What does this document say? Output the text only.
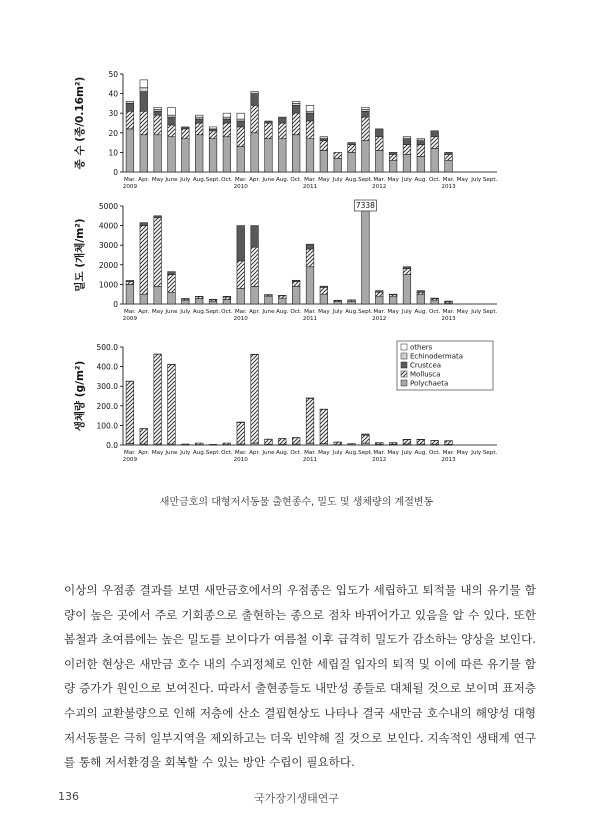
0
10
20
30
40
50
종 수 (종/0.16m²)
Mar. Apr. May June July Aug. Sept. Oct. Mar. Apr. June Aug. Oct. Mar. May July Aug. Sept. Mar. May July Aug. Oct. Mar. May July Sept.
2009	2010	2011	2012	2013
0
1000
2000
3000
4000
5000
밀도 (개체/m²)
Mar. Apr. May June July Aug. Sept. Oct. Mar. Apr. June Aug. Oct. Mar. May July Aug. Sept. Mar. May July Aug. Oct. Mar. May July Sept.
2009	2010	2011	2012	2013
7338
0.0
100.0
200.0
300.0
400.0
500.0
생체량 (g/m²)
Mar. Apr. May June July Aug. Sept. Oct. Mar. Apr. June Aug. Oct. Mar. May July Aug. Sept. Mar. May July Aug. Oct. Mar. May July Sept.
2009	2010	2011	2012	2013
others
Echinodermata
Crustcea
Mollusca
Polychaeta
새만금호의 대형저서동물 출현종수, 밀도 및 생체량의 계절변동

이상의 우점종 결과를 보면 새만금호에서의 우점종은 입도가 세립하고 퇴적물 내의 유기물 함량이 높은 곳에서 주로 기회종으로 출현하는 종으로 점차 바뀌어가고 있음을 알 수 있다. 또한 봄철과 초여름에는 높은 밀도를 보이다가 여름철 이후 급격히 밀도가 감소하는 양상을 보인다. 이러한 현상은 새만금 호수 내의 수괴정체로 인한 세립질 입자의 퇴적 및 이에 따른 유기물 함량 증가가 원인으로 보여진다. 따라서 출현종들도 내만성 종들로 대체될 것으로 보이며 표저층수괴의 교환불량으로 인해 저층에 산소 결핍현상도 나타나 결국 새만금 호수내의 해양성 대형저서동물은 극히 일부지역을 제외하고는 더욱 빈약해 질 것으로 보인다. 지속적인 생태계 연구를 통해 저서환경을 회복할 수 있는 방안 수립이 필요하다.

136	국가장기생태연구
